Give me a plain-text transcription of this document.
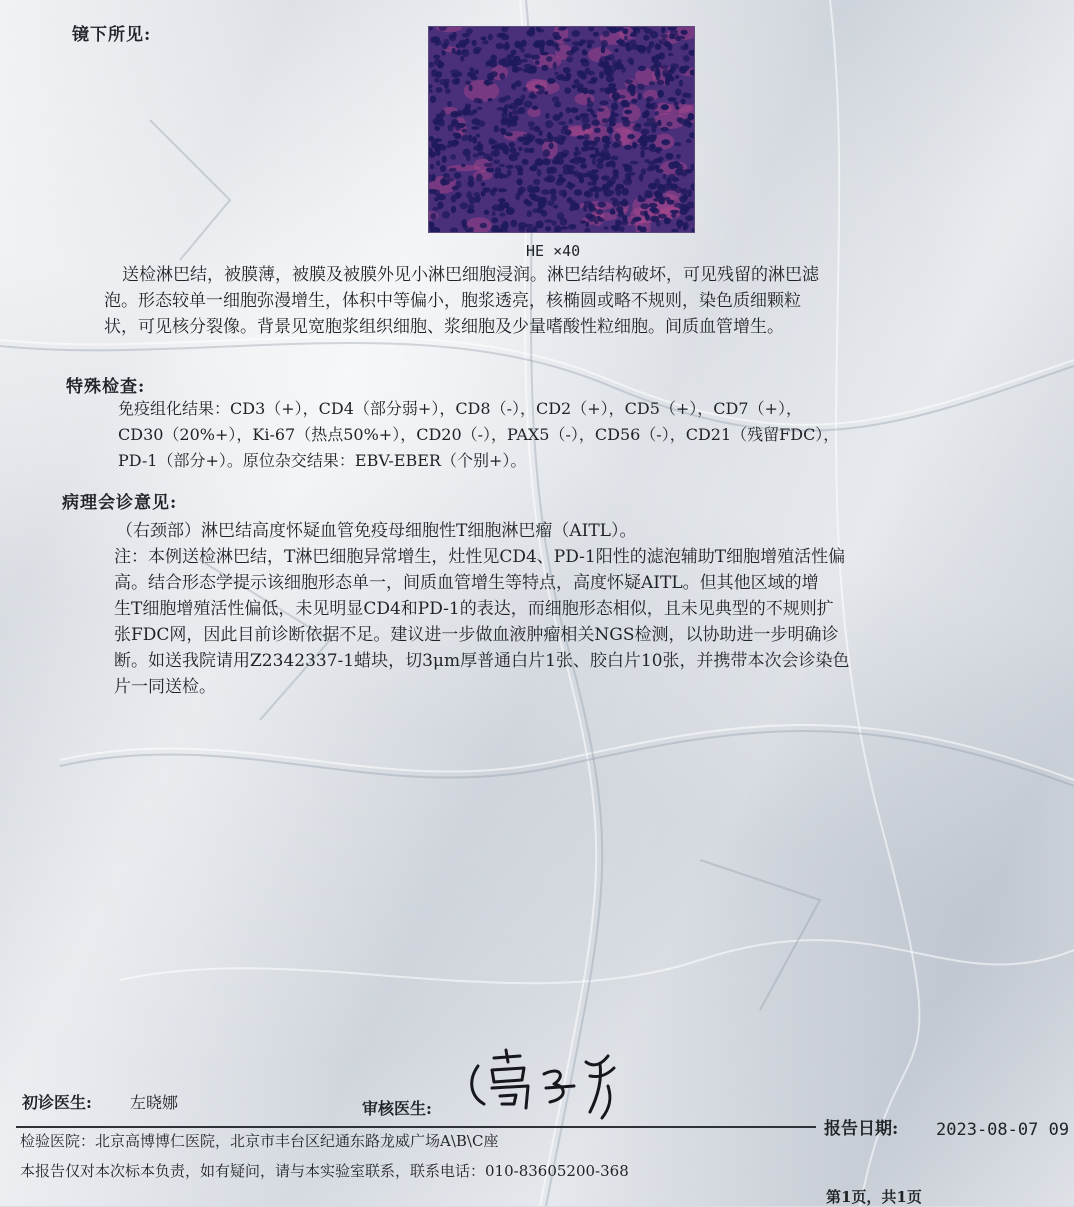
镜下所见:
HE ×40
送检淋巴结，被膜薄，被膜及被膜外见小淋巴细胞浸润。淋巴结结构破坏，可见残留的淋巴滤
泡。形态较单一细胞弥漫增生，体积中等偏小，胞浆透亮，核椭圆或略不规则，染色质细颗粒
状，可见核分裂像。背景见宽胞浆组织细胞、浆细胞及少量嗜酸性粒细胞。间质血管增生。
特殊检查:
免疫组化结果：CD3（+），CD4（部分弱+），CD8（-），CD2（+），CD5（+），CD7（+），
CD30（20%+），Ki-67（热点50%+），CD20（-），PAX5（-），CD56（-），CD21（残留FDC），
PD-1（部分+）。原位杂交结果：EBV-EBER（个别+）。
病理会诊意见:
（右颈部）淋巴结高度怀疑血管免疫母细胞性T细胞淋巴瘤（AITL）。
注：本例送检淋巴结，T淋巴细胞异常增生，灶性见CD4、PD-1阳性的滤泡辅助T细胞增殖活性偏
高。结合形态学提示该细胞形态单一，间质血管增生等特点，高度怀疑AITL。但其他区域的增
生T细胞增殖活性偏低，未见明显CD4和PD-1的表达，而细胞形态相似，且未见典型的不规则扩
张FDC网，因此目前诊断依据不足。建议进一步做血液肿瘤相关NGS检测，以协助进一步明确诊
断。如送我院请用Z2342337-1蜡块，切3μm厚普通白片1张、胶白片10张，并携带本次会诊染色
片一同送检。
初诊医生: 左晓娜	审核医生:
报告日期: 2023-08-07 09
检验医院：北京高博博仁医院，北京市丰台区纪通东路龙威广场A\B\C座
本报告仅对本次标本负责，如有疑问，请与本实验室联系，联系电话：010-83605200-368
第1页，共1页
